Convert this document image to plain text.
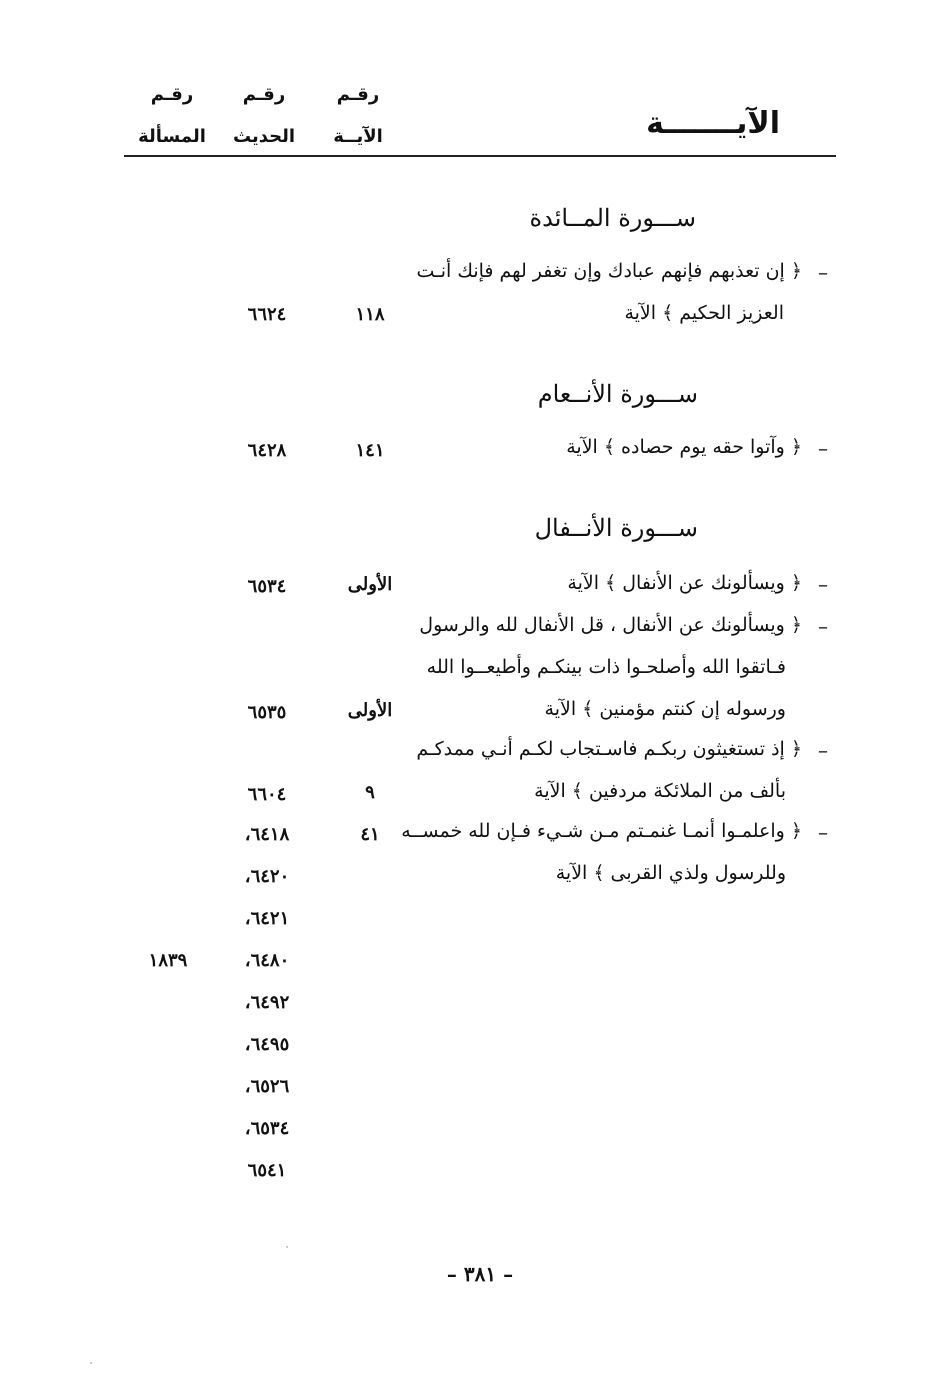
رقـم
المسألة
رقـم
الحديث
رقـم
الآيــة	الآيـــــــة
ســـورة المــائدة
–
﴿ إن تعذبهم فإنهم عبادك وإن تغفر لهم فإنك أنـت
العزيز الحكيم ﴾ الآية
١١٨
٦٦٢٤
ســـورة الأنــعام
–
﴿ وآتوا حقه يوم حصاده ﴾ الآية
١٤١
٦٤٢٨
ســـورة الأنــفال
–
﴿ ويسألونك عن الأنفال ﴾ الآية
الأولى
٦٥٣٤
–
﴿ ويسألونك عن الأنفال ، قل الأنفال لله والرسول
فـاتقوا الله وأصلحـوا ذات بينكـم وأطيعــوا الله
ورسوله إن كنتم مؤمنين ﴾ الآية
الأولى
٦٥٣٥
–
﴿ إذ تستغيثون ربكـم فاسـتجاب لكـم أنـي ممدكـم
بألف من الملائكة مردفين ﴾ الآية
٩
٦٦٠٤
–
﴿ واعلمـوا أنمـا غنمـتم مـن شـيء فـإن لله خمســه
وللرسول ولذي القربى ﴾ الآية
٤١
٦٤١٨،
٦٤٢٠،
٦٤٢١،
٦٤٨٠،
٦٤٩٢،
٦٤٩٥،
٦٥٢٦،
٦٥٣٤،
٦٥٤١
١٨٣٩
– ٣٨١ –
